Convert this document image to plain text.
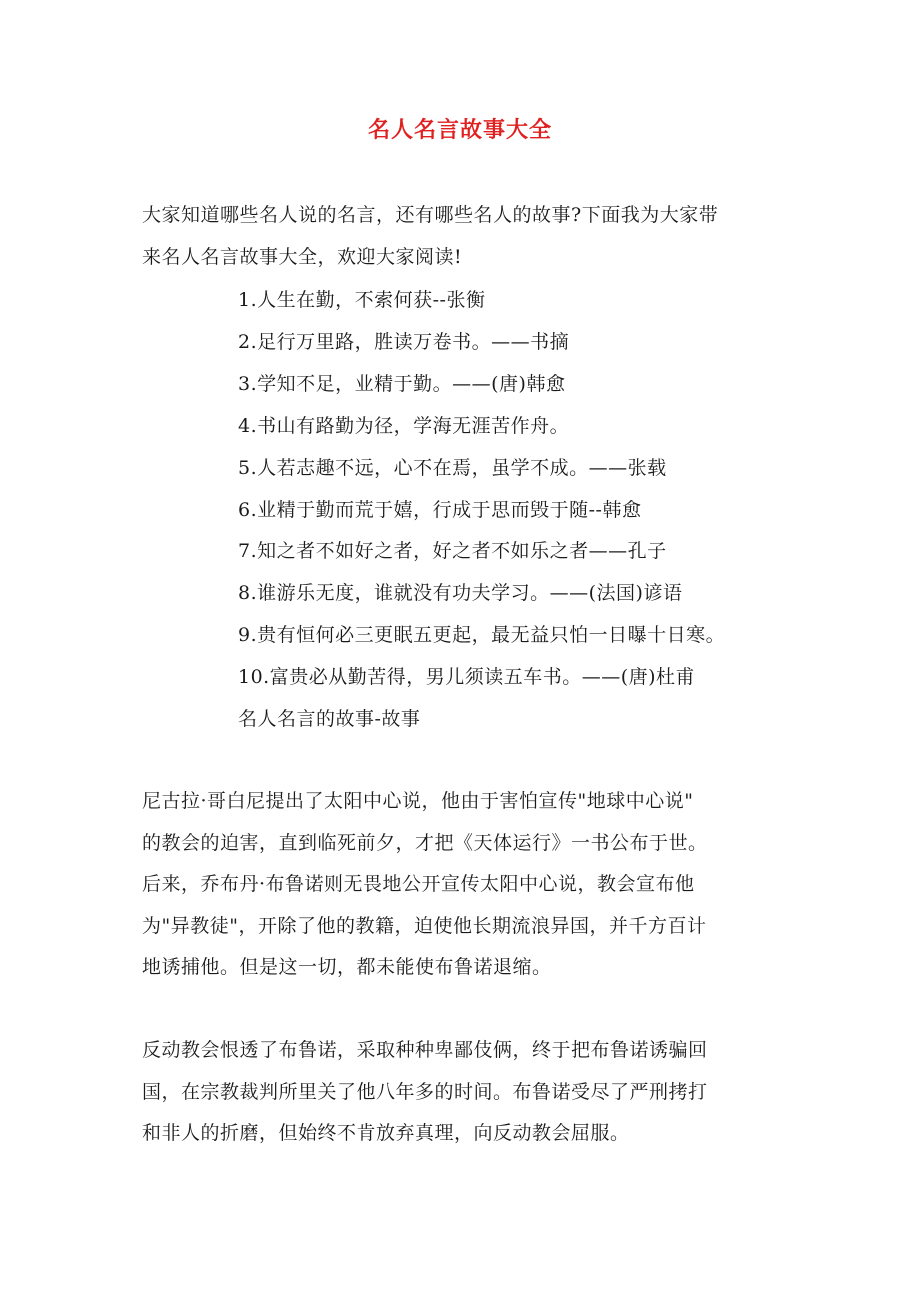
名人名言故事大全
大家知道哪些名人说的名言，还有哪些名人的故事?下面我为大家带
来名人名言故事大全，欢迎大家阅读!
1.人生在勤，不索何获--张衡
2.足行万里路，胜读万卷书。——书摘
3.学知不足，业精于勤。——(唐)韩愈
4.书山有路勤为径，学海无涯苦作舟。
5.人若志趣不远，心不在焉，虽学不成。——张载
6.业精于勤而荒于嬉，行成于思而毁于随--韩愈
7.知之者不如好之者，好之者不如乐之者——孔子
8.谁游乐无度，谁就没有功夫学习。——(法国)谚语
9.贵有恒何必三更眠五更起，最无益只怕一日曝十日寒。
10.富贵必从勤苦得，男儿须读五车书。——(唐)杜甫
名人名言的故事-故事
尼古拉·哥白尼提出了太阳中心说，他由于害怕宣传"地球中心说"
的教会的迫害，直到临死前夕，才把《天体运行》一书公布于世。
后来，乔布丹·布鲁诺则无畏地公开宣传太阳中心说，教会宣布他
为"异教徒"，开除了他的教籍，迫使他长期流浪异国，并千方百计
地诱捕他。但是这一切，都未能使布鲁诺退缩。
反动教会恨透了布鲁诺，采取种种卑鄙伎俩，终于把布鲁诺诱骗回
国，在宗教裁判所里关了他八年多的时间。布鲁诺受尽了严刑拷打
和非人的折磨，但始终不肯放弃真理，向反动教会屈服。
